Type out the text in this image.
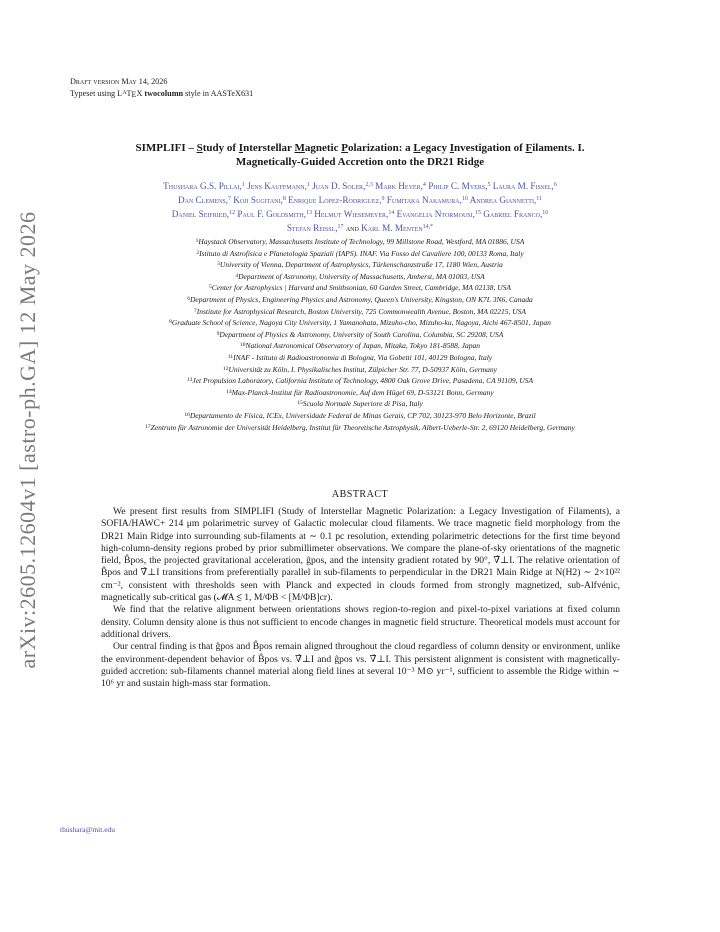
arXiv:2605.12604v1 [astro-ph.GA] 12 May 2026
Draft version May 14, 2026
Typeset using $L^AT_EX$ twocolumn style in AASTeX631
SIMPLIFI – Study of Interstellar Magnetic Polarization: a Legacy Investigation of Filaments. I.
Magnetically-Guided Accretion onto the DR21 Ridge
Thushara G.S. Pillai,$^1$ Jens Kauffmann,$^1$ Juan D. Soler,$^{2,3}$ Mark Heyer,$^4$ Philip C. Myers,$^5$ Laura M. Fissel,$^6$
Dan Clemens,$^7$ Koji Sugitani,$^8$ Enrique Lopez-Rodriguez,$^9$ Fumitaka Nakamura,$^{10}$ Andrea Giannetti,$^{11}$
Daniel Seifried,$^{12}$ Paul F. Goldsmith,$^{13}$ Helmut Wiesemeyer,$^{14}$ Evangelia Ntormousi,$^{15}$ Gabriel Franco,$^{16}$
Stefan Reissl,$^{17}$ and Karl M. Menten$^{14,*}$
$^1$Haystack Observatory, Massachusetts Institute of Technology, 99 Millstone Road, Westford, MA 01886, USA
$^2$Istituto di Astrofisica e Planetologia Spaziali (IAPS). INAF. Via Fosso del Cavaliere 100, 00133 Roma, Italy
$^3$University of Vienna, Department of Astrophysics, Türkenschanzstraße 17, 1180 Wien, Austria
$^4$Department of Astronomy, University of Massachusetts, Amherst, MA 01003, USA
$^5$Center for Astrophysics | Harvard and Smithsonian, 60 Garden Street, Cambridge, MA 02138, USA
$^6$Department of Physics, Engineering Physics and Astronomy, Queen's University, Kingston, ON K7L 3N6, Canada
$^7$Institute for Astrophysical Research, Boston University, 725 Commonwealth Avenue, Boston, MA 02215, USA
$^8$Graduate School of Science, Nagoya City University, 1 Yamanohata, Mizuho-cho, Mizuho-ku, Nagoya, Aichi 467-8501, Japan
$^9$Department of Physics & Astronomy, University of South Carolina, Columbia, SC 29208, USA
$^{10}$National Astronomical Observatory of Japan, Mitaka, Tokyo 181-8588, Japan
$^{11}$INAF - Istituto di Radioastronomia di Bologna, Via Gobetti 101, 40129 Bologna, Italy
$^{12}$Universität zu Köln, I. Physikalisches Institut, Zülpicher Str. 77, D-50937 Köln, Germany
$^{13}$Jet Propulsion Laboratory, California Institute of Technology, 4800 Oak Grove Drive, Pasadena, CA 91109, USA
$^{14}$Max-Planck-Institut für Radioastronomie, Auf dem Hügel 69, D-53121 Bonn, Germany
$^{15}$Scuola Normale Superiore di Pisa, Italy
$^{16}$Departamento de Física, ICEx, Universidade Federal de Minas Gerais, CP 702, 30123-970 Belo Horizonte, Brazil
$^{17}$Zentrum für Astronomie der Universität Heidelberg, Institut für Theoretische Astrophysik, Albert-Ueberle-Str. 2, 69120 Heidelberg, Germany
ABSTRACT

We present first results from SIMPLIFI (Study of Interstellar Magnetic Polarization: a Legacy Investigation of Filaments), a SOFIA/HAWC+ 214 μm polarimetric survey of Galactic molecular cloud filaments. We trace magnetic field morphology from the DR21 Main Ridge into surrounding sub-filaments at ∼ 0.1 pc resolution, extending polarimetric detections for the first time beyond high-column-density regions probed by prior submillimeter observations. We compare the plane-of-sky orientations of the magnetic field, B̂pos, the projected gravitational acceleration, ĝpos, and the intensity gradient rotated by 90°, ∇̂⊥I. The relative orientation of B̂pos and ∇̂⊥I transitions from preferentially parallel in sub-filaments to perpendicular in the DR21 Main Ridge at N(H2) ∼ 2×10²² cm⁻², consistent with thresholds seen with Planck and expected in clouds formed from strongly magnetized, sub-Alfvénic, magnetically sub-critical gas (𝓜A ≲ 1, M/ΦB < [M/ΦB]cr).

We find that the relative alignment between orientations shows region-to-region and pixel-to-pixel variations at fixed column density. Column density alone is thus not sufficient to encode changes in magnetic field structure. Theoretical models must account for additional drivers.

Our central finding is that ĝpos and B̂pos remain aligned throughout the cloud regardless of column density or environment, unlike the environment-dependent behavior of B̂pos vs. ∇̂⊥I and ĝpos vs. ∇̂⊥I. This persistent alignment is consistent with magnetically-guided accretion: sub-filaments channel material along field lines at several 10⁻³ M⊙ yr⁻¹, sufficient to assemble the Ridge within ∼ 10⁶ yr and sustain high-mass star formation.

thushara@mit.edu
